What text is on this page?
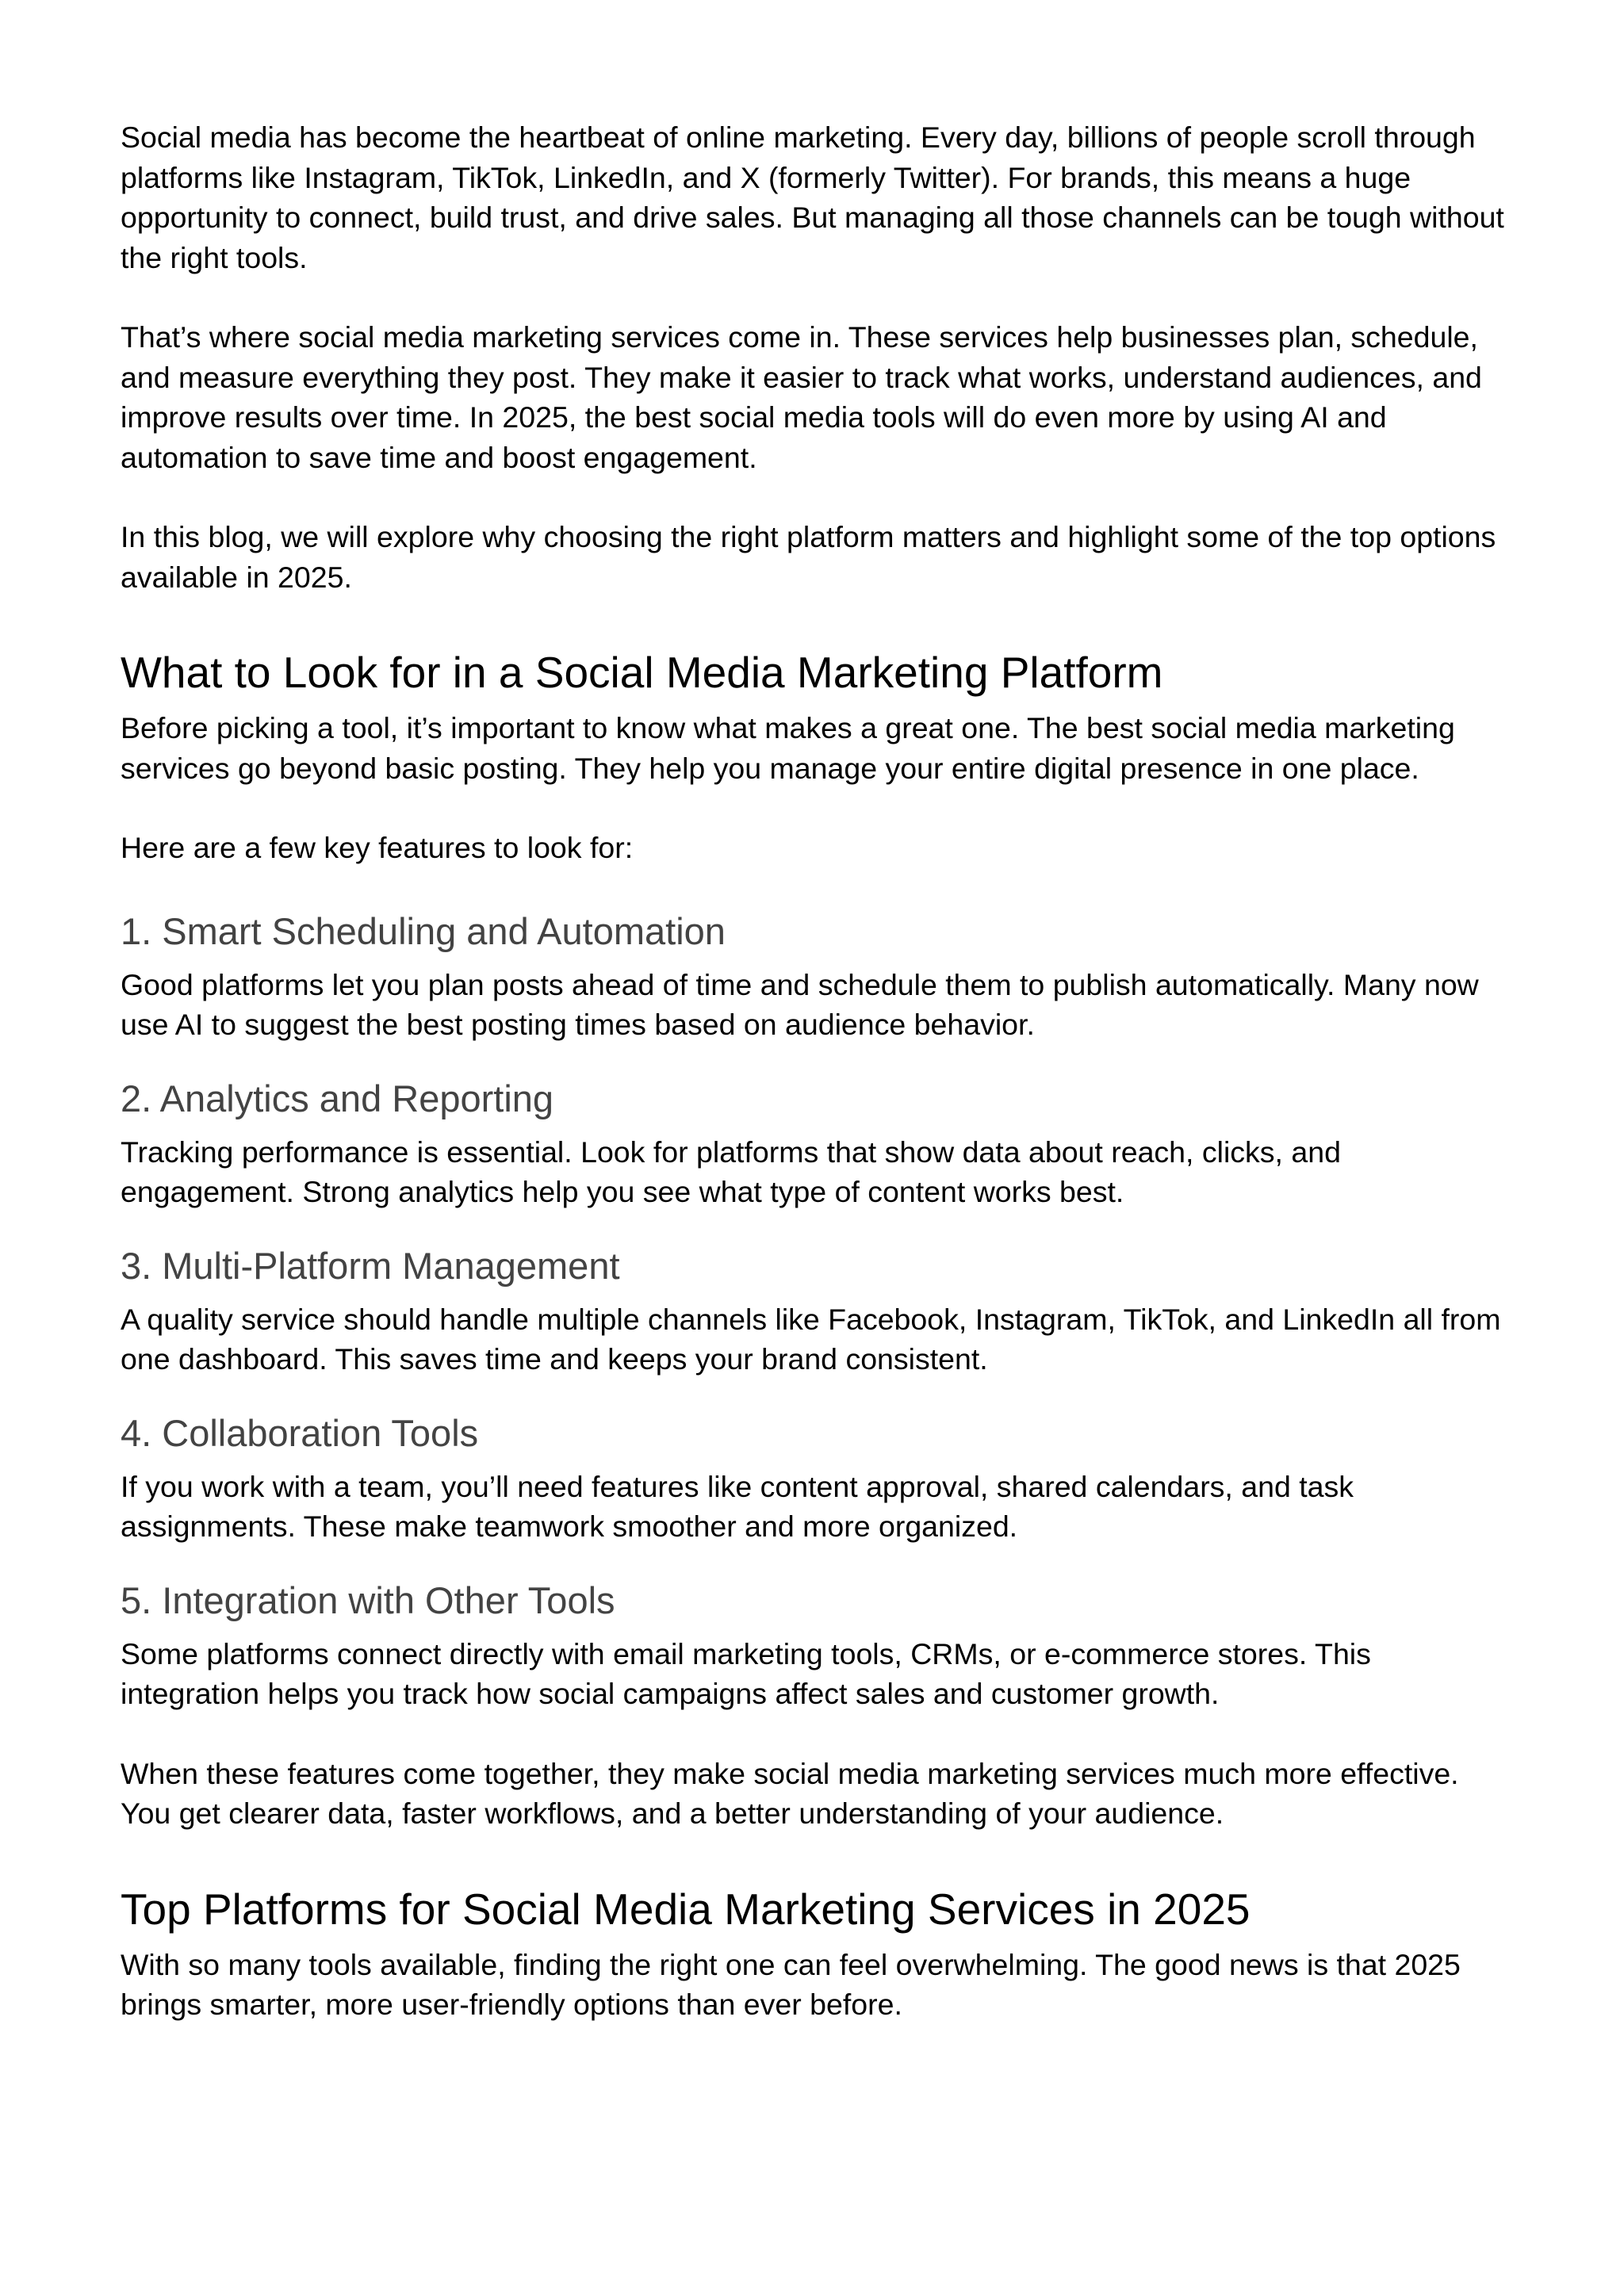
Social media has become the heartbeat of online marketing. Every day, billions of people scroll through platforms like Instagram, TikTok, LinkedIn, and X (formerly Twitter). For brands, this means a huge opportunity to connect, build trust, and drive sales. But managing all those channels can be tough without the right tools.

That’s where social media marketing services come in. These services help businesses plan, schedule, and measure everything they post. They make it easier to track what works, understand audiences, and improve results over time. In 2025, the best social media tools will do even more by using AI and automation to save time and boost engagement.

In this blog, we will explore why choosing the right platform matters and highlight some of the top options available in 2025.

What to Look for in a Social Media Marketing Platform

Before picking a tool, it’s important to know what makes a great one. The best social media marketing services go beyond basic posting. They help you manage your entire digital presence in one place.

Here are a few key features to look for:

1. Smart Scheduling and Automation

Good platforms let you plan posts ahead of time and schedule them to publish automatically. Many now use AI to suggest the best posting times based on audience behavior.

2. Analytics and Reporting

Tracking performance is essential. Look for platforms that show data about reach, clicks, and engagement. Strong analytics help you see what type of content works best.

3. Multi-Platform Management

A quality service should handle multiple channels like Facebook, Instagram, TikTok, and LinkedIn all from one dashboard. This saves time and keeps your brand consistent.

4. Collaboration Tools

If you work with a team, you’ll need features like content approval, shared calendars, and task assignments. These make teamwork smoother and more organized.

5. Integration with Other Tools

Some platforms connect directly with email marketing tools, CRMs, or e-commerce stores. This integration helps you track how social campaigns affect sales and customer growth.

When these features come together, they make social media marketing services much more effective. You get clearer data, faster workflows, and a better understanding of your audience.

Top Platforms for Social Media Marketing Services in 2025

With so many tools available, finding the right one can feel overwhelming. The good news is that 2025 brings smarter, more user-friendly options than ever before.
